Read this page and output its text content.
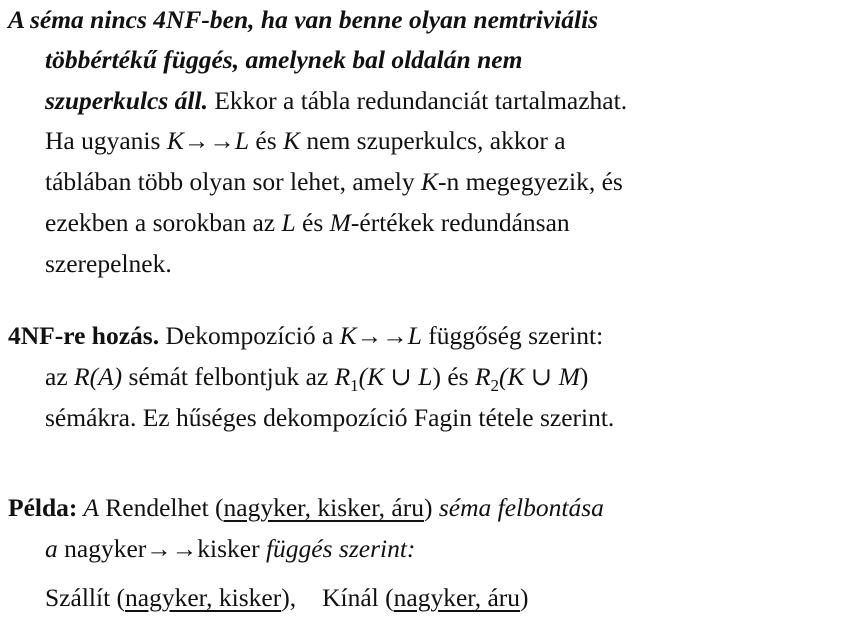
A séma nincs 4NF-ben, ha van benne olyan nemtriviális
többértékű függés, amelynek bal oldalán nem
szuperkulcs áll. Ekkor a tábla redundanciát tartalmazhat.
Ha ugyanis K→→L és K nem szuperkulcs, akkor a
táblában több olyan sor lehet, amely K-n megegyezik, és
ezekben a sorokban az L és M-értékek redundánsan
szerepelnek.
4NF-re hozás. Dekompozíció a K→→L függőség szerint:
az R(A) sémát felbontjuk az $R_1(K$ ∪ L) és $R_2(K$ ∪ M)
sémákra. Ez hűséges dekompozíció Fagin tétele szerint.
Példa: A Rendelhet (nagyker, kisker, áru) séma felbontása
a nagyker→→kisker függés szerint:
Szállít (nagyker, kisker), Kínál (nagyker, áru)
